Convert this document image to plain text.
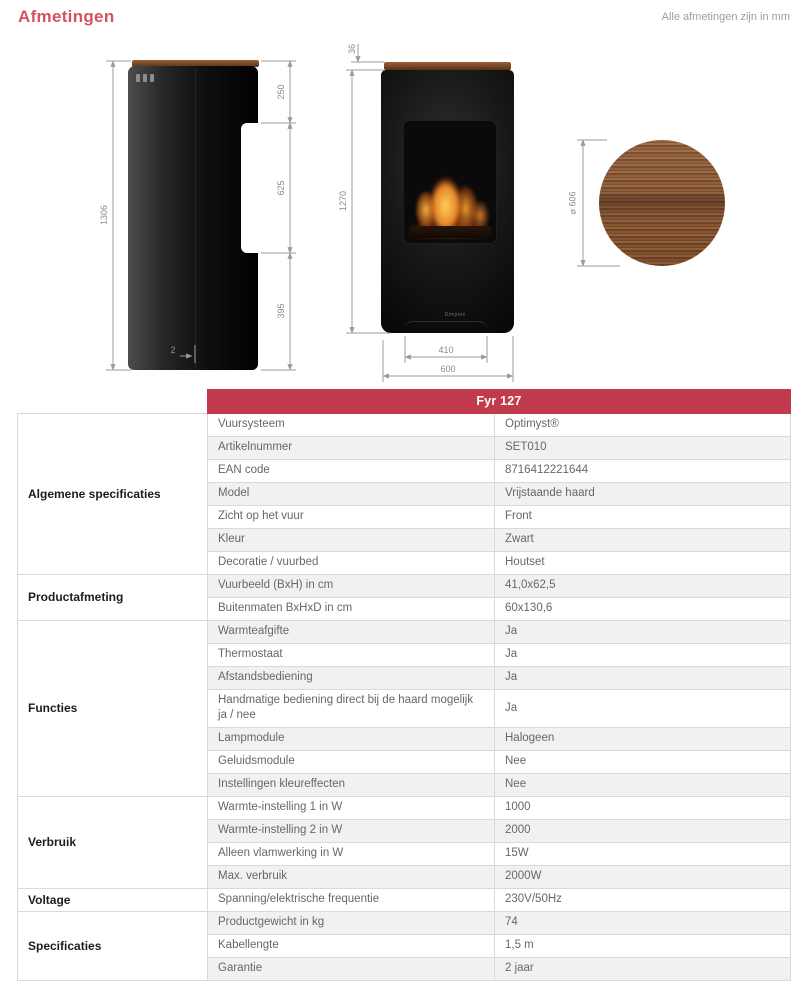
Afmetingen	Alle afmetingen zijn in mm
Dimplex
1306
250
625
395
2
36
1270
410
600
⌀ 606
	Fyr 127	
Algemene specificaties	Vuursysteem	Optimyst®
	Artikelnummer	SET010
	EAN code	8716412221644
	Model	Vrijstaande haard
	Zicht op het vuur	Front
	Kleur	Zwart
	Decoratie / vuurbed	Houtset
Productafmeting	Vuurbeeld (BxH) in cm	41,0x62,5
	Buitenmaten BxHxD in cm	60x130,6
Functies	Warmteafgifte	Ja
	Thermostaat	Ja
	Afstandsbediening	Ja
	Handmatige bediening direct bij de haard mogelijk ja / nee	Ja
	Lampmodule	Halogeen
	Geluidsmodule	Nee
	Instellingen kleureffecten	Nee
Verbruik	Warmte-instelling 1 in W	1000
	Warmte-instelling 2 in W	2000
	Alleen vlamwerking in W	15W
	Max. verbruik	2000W
Voltage	Spanning/elektrische frequentie	230V/50Hz
Specificaties	Productgewicht in kg	74
	Kabellengte	1,5 m
	Garantie	2 jaar
